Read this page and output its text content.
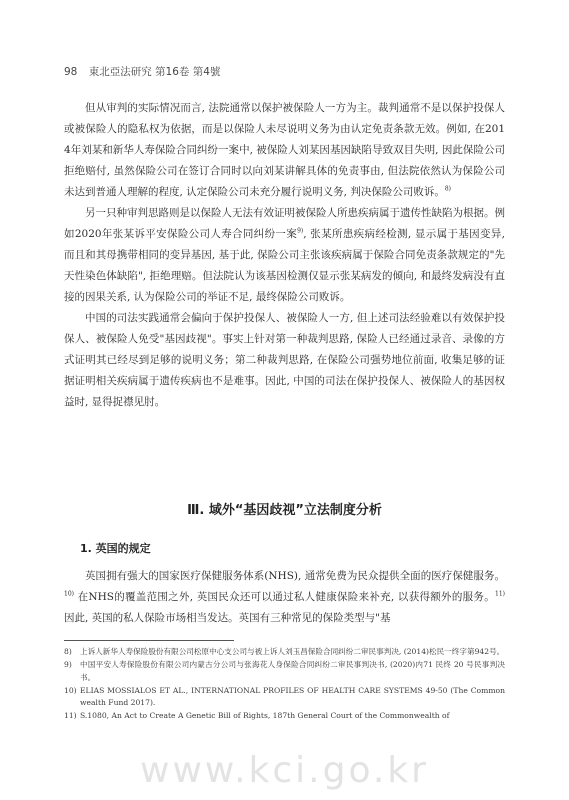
98 東北亞法研究 第16卷 第4號

但从审判的实际情况而言, 法院通常以保护被保险人一方为主。裁判通常不是以保护投保人或被保险人的隐私权为依据，而是以保险人未尽说明义务为由认定免责条款无效。例如, 在2014年刘某和新华人寿保险合同纠纷一案中, 被保险人刘某因基因缺陷导致双目失明, 因此保险公司拒绝赔付, 虽然保险公司在签订合同时以向刘某讲解具体的免责事由, 但法院依然认为保险公司未达到普通人理解的程度, 认定保险公司未充分履行说明义务, 判决保险公司败诉。$^{8)}$

另一只种审判思路则是以保险人无法有效证明被保险人所患疾病属于遗传性缺陷为根据。例如2020年张某诉平安保险公司人寿合同纠纷一案$^{9)}$, 张某所患疾病经检测, 显示属于基因变异, 而且和其母携带相同的变异基因, 基于此, 保险公司主张该疾病属于保险合同免责条款规定的"先天性染色体缺陷", 拒绝理赔。但法院认为该基因检测仅显示张某病发的倾向, 和最终发病没有直接的因果关系, 认为保险公司的举证不足, 最终保险公司败诉。

中国的司法实践通常会偏向于保护投保人、被保险人一方, 但上述司法经验难以有效保护投保人、被保险人免受"基因歧视"。事实上针对第一种裁判思路, 保险人已经通过录音、录像的方式证明其已经尽到足够的说明义务；第二种裁判思路, 在保险公司强势地位前面, 收集足够的证据证明相关疾病属于遗传疾病也不是难事。因此, 中国的司法在保护投保人、被保险人的基因权益时, 显得捉襟见肘。

Ⅲ. 域外“基因歧视”立法制度分析
1. 英国的规定

英国拥有强大的国家医疗保健服务体系(NHS), 通常免费为民众提供全面的医疗保健服务。$^{10)}$ 在NHS的覆盖范围之外, 英国民众还可以通过私人健康保险来补充, 以获得额外的服务。$^{11)}$ 因此, 英国的私人保险市场相当发达。英国有三种常见的保险类型与"基

8)	上诉人新华人寿保险股份有限公司松原中心支公司与被上诉人刘玉昌保险合同纠纷二审民事判决, (2014)松民一终字第942号。
9)	中国平安人寿保险股份有限公司内蒙古分公司与张海花人身保险合同纠纷二审民事判决书, (2020)内71 民终 20 号民事判决书。
10) ELIAS MOSSIALOS ET AL., INTERNATIONAL PROFILES OF HEALTH CARE SYSTEMS 49-50 (The Commonwealth Fund 2017).
11) S.1080, An Act to Create A Genetic Bill of Rights, 187th General Court of the Commonwealth of
www.kci.go.kr
